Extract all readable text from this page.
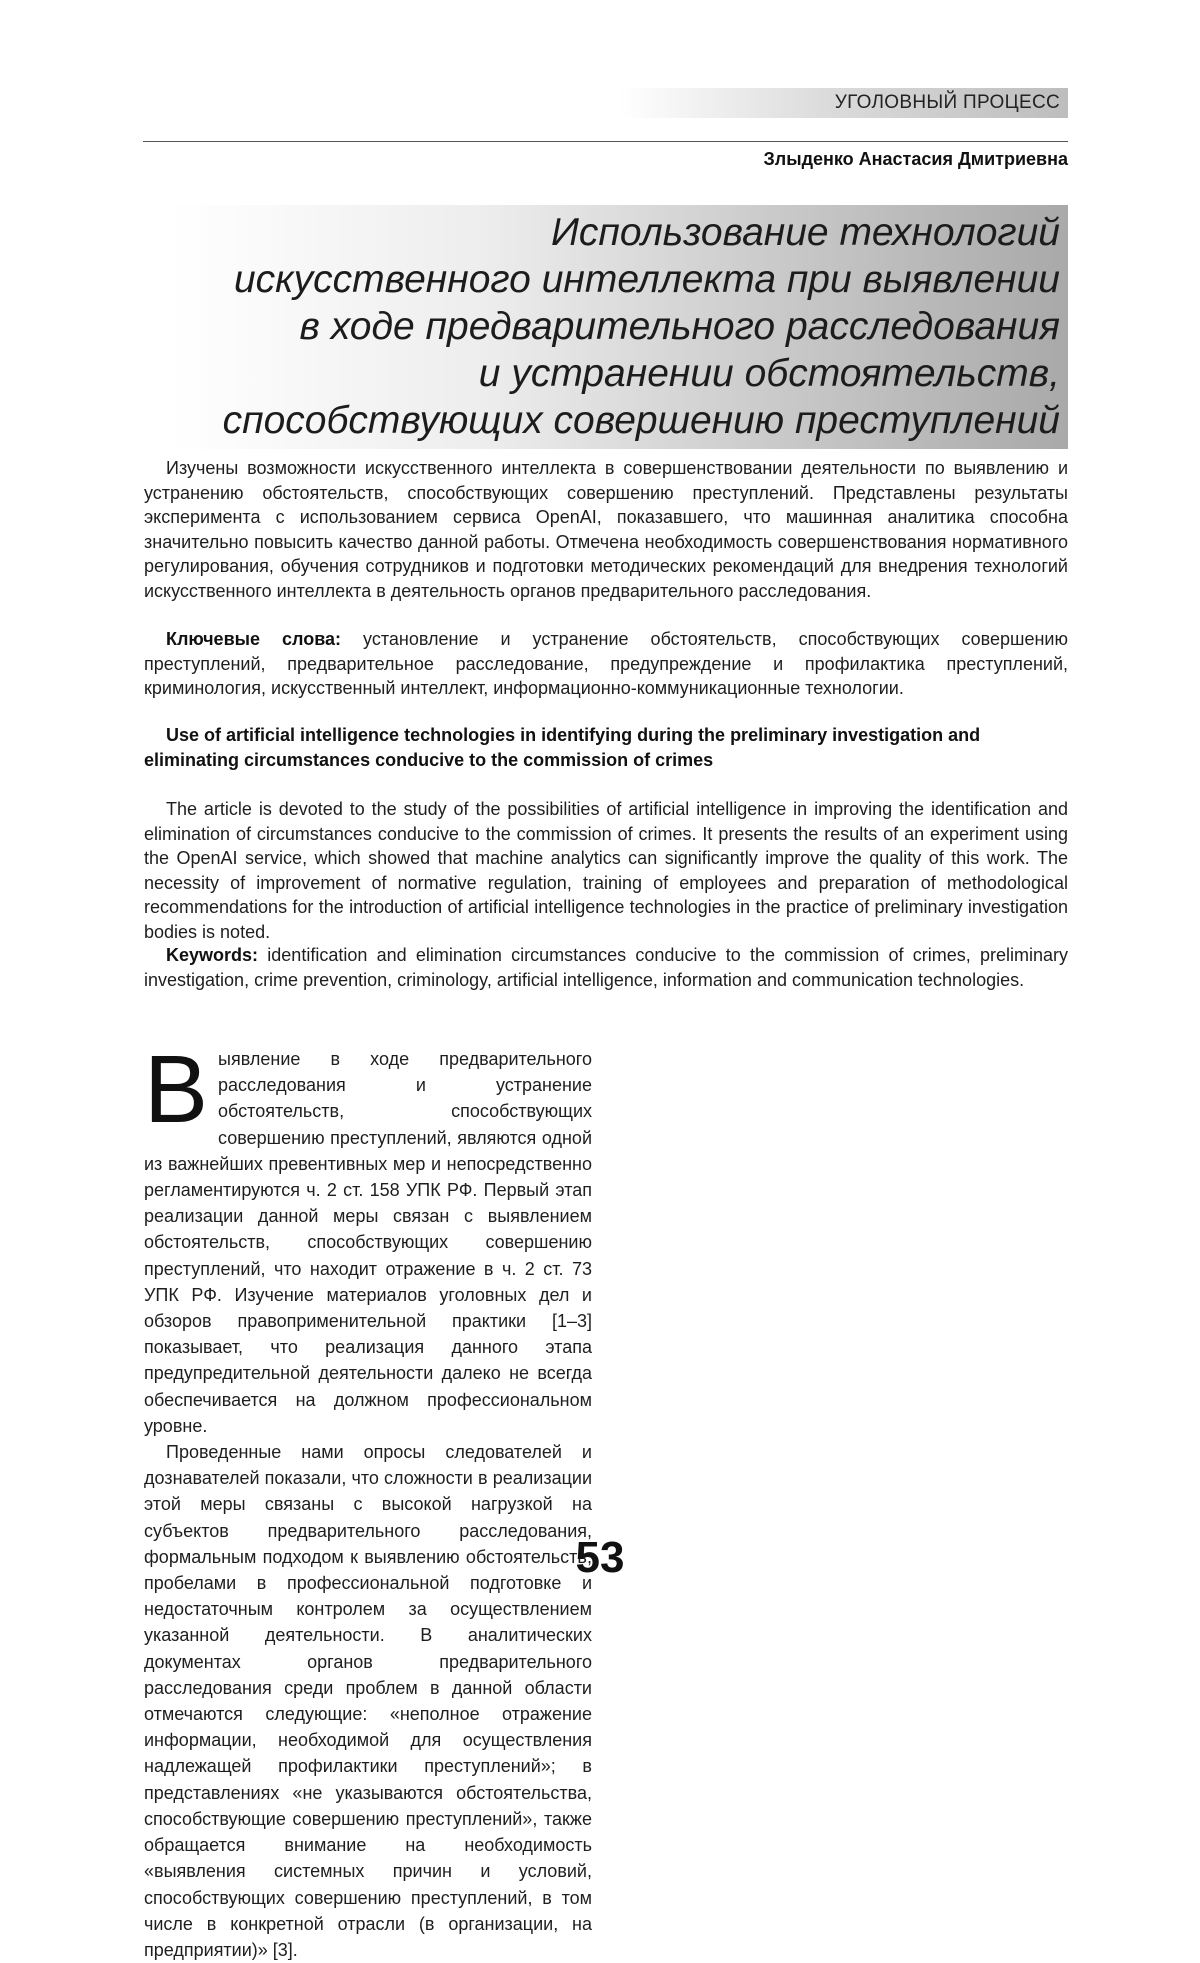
УГОЛОВНЫЙ ПРОЦЕСС
Злыденко Анастасия Дмитриевна
Использование технологий
искусственного интеллекта при выявлении
в ходе предварительного расследования
и устранении обстоятельств,
способствующих совершению преступлений
Изучены возможности искусственного интеллекта в совершенствовании деятельности по выявлению и устранению обстоятельств, способствующих совершению преступлений. Представлены результаты эксперимента с использованием сервиса OpenAI, показавшего, что машинная аналитика способна значительно повысить качество данной работы. Отмечена необходимость совершенствования нормативного регулирования, обучения сотрудников и подготовки методических рекомендаций для внедрения технологий искусственного интеллекта в деятельность органов предварительного расследования.
Ключевые слова: установление и устранение обстоятельств, способствующих совершению преступлений, предварительное расследование, предупреждение и профилактика преступлений, криминология, искусственный интеллект, информационно-коммуникационные технологии.
Use of artificial intelligence technologies in identifying during the preliminary investigation and eliminating circumstances conducive to the commission of crimes
The article is devoted to the study of the possibilities of artificial intelligence in improving the identification and elimination of circumstances conducive to the commission of crimes. It presents the results of an experiment using the OpenAI service, which showed that machine analytics can significantly improve the quality of this work. The necessity of improvement of normative regulation, training of employees and preparation of methodological recommendations for the introduction of artificial intelligence technologies in the practice of preliminary investigation bodies is noted.
Keywords: identification and elimination circumstances conducive to the commission of crimes, preliminary investigation, crime prevention, criminology, artificial intelligence, information and communication technologies.

Выявление в ходе предварительного расследования и устранение обстоятельств, способствующих совершению преступлений, являются одной из важнейших превентивных мер и непосредственно регламентируются ч. 2 ст. 158 УПК РФ. Первый этап реализации данной меры связан с выявлением обстоятельств, способствующих совершению преступлений, что находит отражение в ч. 2 ст. 73 УПК РФ. Изучение материалов уголовных дел и обзоров правоприменительной практики [1–3] показывает, что реализация данного этапа предупредительной деятельности далеко не всегда обеспечивается на должном профессиональном уровне.

Проведенные нами опросы следователей и дознавателей показали, что сложности в реализации этой меры связаны с высокой нагрузкой на субъектов предварительного расследования, формальным подходом к выявлению обстоятельств, пробелами в профессиональной подготовке и недостаточным контролем за осуществлением указанной деятельности. В аналитических документах органов предварительного расследования среди проблем в данной области отмечаются следующие: «неполное отражение информации, необходимой для осуществления надлежащей профилактики преступлений»; в представлениях «не указываются обстоятельства, способствующие совершению преступлений», также обращается внимание на необходимость «выявления системных причин и условий, способствующих совершению преступлений, в том числе в конкретной отрасли (в организации, на предприятии)» [3].

53
